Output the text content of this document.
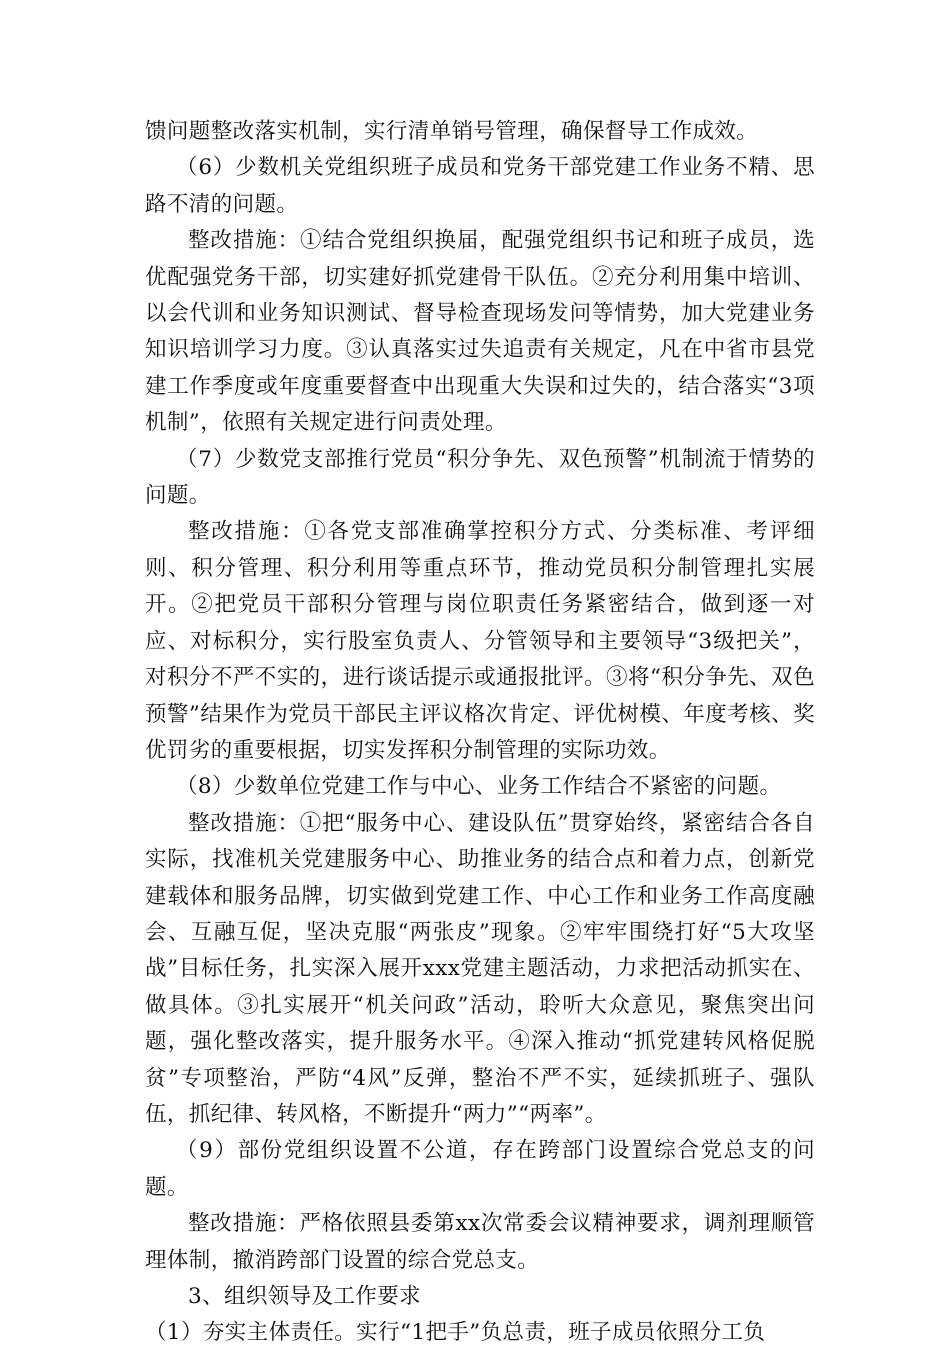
馈问题整改落实机制，实行清单销号管理，确保督导工作成效。

（6）少数机关党组织班子成员和党务干部党建工作业务不精、思路不清的问题。

整改措施：①结合党组织换届，配强党组织书记和班子成员，选优配强党务干部，切实建好抓党建骨干队伍。②充分利用集中培训、以会代训和业务知识测试、督导检查现场发问等情势，加大党建业务知识培训学习力度。③认真落实过失追责有关规定，凡在中省市县党建工作季度或年度重要督查中出现重大失误和过失的，结合落实“3项机制”，依照有关规定进行问责处理。

（7）少数党支部推行党员“积分争先、双色预警”机制流于情势的问题。

整改措施：①各党支部准确掌控积分方式、分类标准、考评细则、积分管理、积分利用等重点环节，推动党员积分制管理扎实展开。②把党员干部积分管理与岗位职责任务紧密结合，做到逐一对应、对标积分，实行股室负责人、分管领导和主要领导“3级把关”，对积分不严不实的，进行谈话提示或通报批评。③将“积分争先、双色预警”结果作为党员干部民主评议格次肯定、评优树模、年度考核、奖优罚劣的重要根据，切实发挥积分制管理的实际功效。

（8）少数单位党建工作与中心、业务工作结合不紧密的问题。

整改措施：①把“服务中心、建设队伍”贯穿始终，紧密结合各自实际，找准机关党建服务中心、助推业务的结合点和着力点，创新党建载体和服务品牌，切实做到党建工作、中心工作和业务工作高度融会、互融互促，坚决克服“两张皮”现象。②牢牢围绕打好“5大攻坚战”目标任务，扎实深入展开xxx党建主题活动，力求把活动抓实在、做具体。③扎实展开“机关问政”活动，聆听大众意见，聚焦突出问题，强化整改落实，提升服务水平。④深入推动“抓党建转风格促脱贫”专项整治，严防“4风”反弹，整治不严不实，延续抓班子、强队伍，抓纪律、转风格，不断提升“两力”“两率”。

（9）部份党组织设置不公道，存在跨部门设置综合党总支的问题。

整改措施：严格依照县委第xx次常委会议精神要求，调剂理顺管理体制，撤消跨部门设置的综合党总支。

3、组织领导及工作要求

（1）夯实主体责任。实行“1把手”负总责，班子成员依照分工负
